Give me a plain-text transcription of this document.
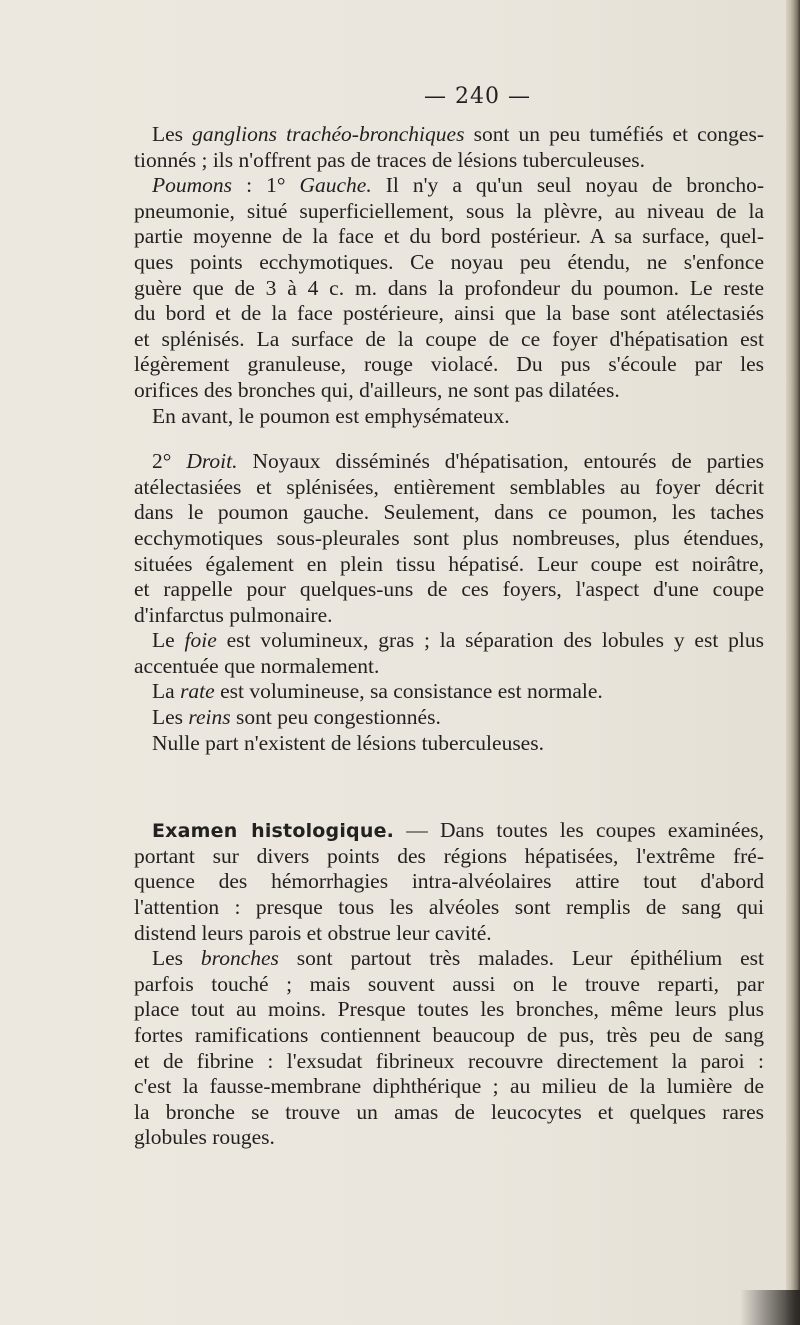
— 240 —
Les ganglions trachéo-bronchiques sont un peu tuméfiés et conges-
tionnés ; ils n'offrent pas de traces de lésions tuberculeuses.
Poumons : 1° Gauche. Il n'y a qu'un seul noyau de broncho-
pneumonie, situé superficiellement, sous la plèvre, au niveau de la
partie moyenne de la face et du bord postérieur. A sa surface, quel-
ques points ecchymotiques. Ce noyau peu étendu, ne s'enfonce
guère que de 3 à 4 c. m. dans la profondeur du poumon. Le reste
du bord et de la face postérieure, ainsi que la base sont atélectasiés
et splénisés. La surface de la coupe de ce foyer d'hépatisation est
légèrement granuleuse, rouge violacé. Du pus s'écoule par les
orifices des bronches qui, d'ailleurs, ne sont pas dilatées.
En avant, le poumon est emphysémateux.
2° Droit. Noyaux disséminés d'hépatisation, entourés de parties
atélectasiées et splénisées, entièrement semblables au foyer décrit
dans le poumon gauche. Seulement, dans ce poumon, les taches
ecchymotiques sous-pleurales sont plus nombreuses, plus étendues,
situées également en plein tissu hépatisé. Leur coupe est noirâtre,
et rappelle pour quelques-uns de ces foyers, l'aspect d'une coupe
d'infarctus pulmonaire.
Le foie est volumineux, gras ; la séparation des lobules y est plus
accentuée que normalement.
La rate est volumineuse, sa consistance est normale.
Les reins sont peu congestionnés.
Nulle part n'existent de lésions tuberculeuses.
Examen histologique. — Dans toutes les coupes examinées,
portant sur divers points des régions hépatisées, l'extrême fré-
quence des hémorrhagies intra-alvéolaires attire tout d'abord
l'attention : presque tous les alvéoles sont remplis de sang qui
distend leurs parois et obstrue leur cavité.
Les bronches sont partout très malades. Leur épithélium est
parfois touché ; mais souvent aussi on le trouve reparti, par
place tout au moins. Presque toutes les bronches, même leurs plus
fortes ramifications contiennent beaucoup de pus, très peu de sang
et de fibrine : l'exsudat fibrineux recouvre directement la paroi :
c'est la fausse-membrane diphthérique ; au milieu de la lumière de
la bronche se trouve un amas de leucocytes et quelques rares
globules rouges.
